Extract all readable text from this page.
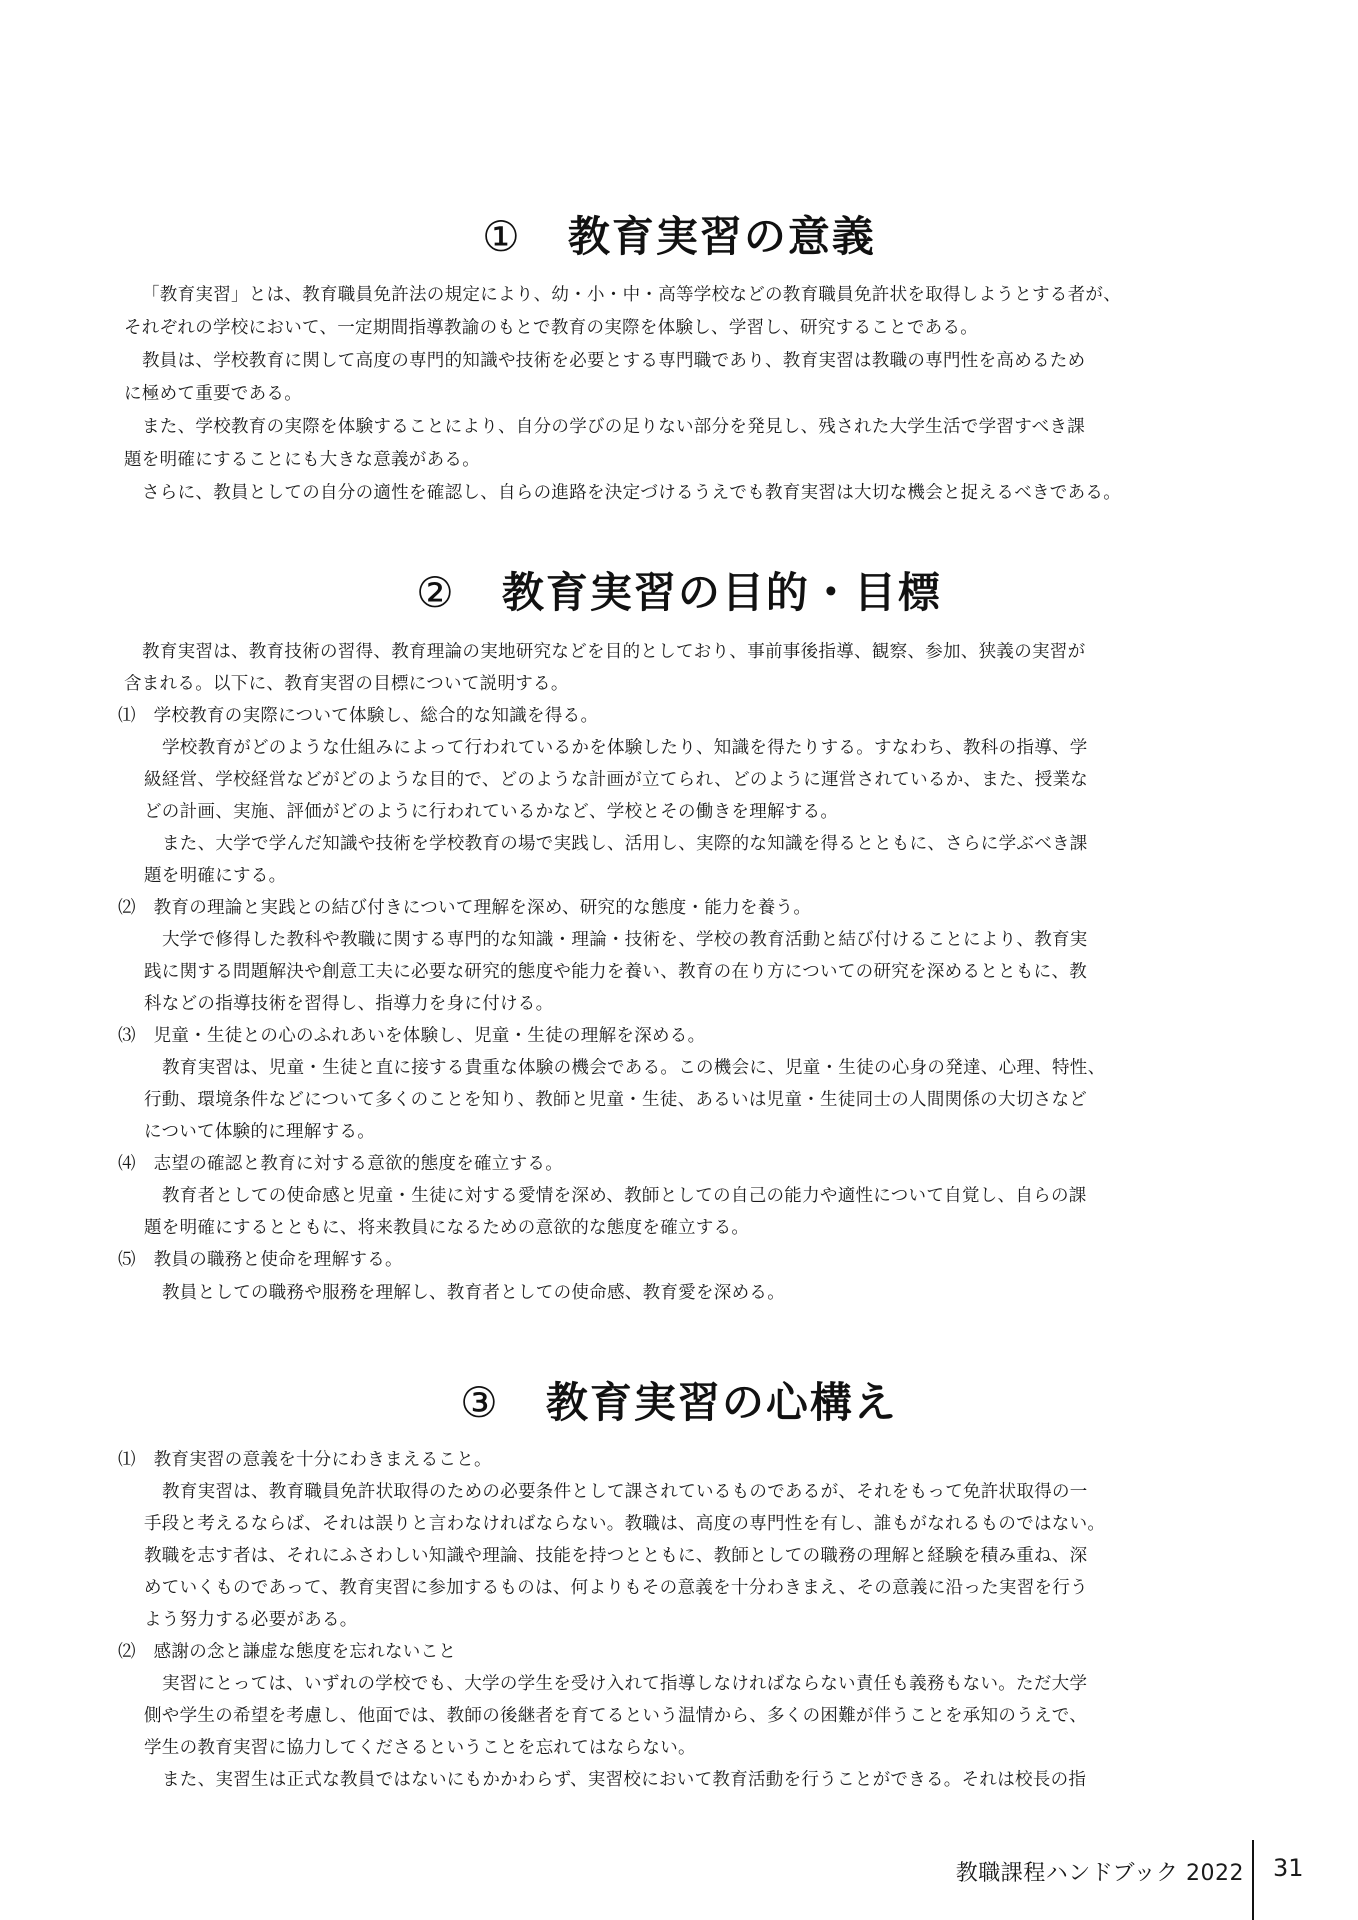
① 教育実習の意義
「教育実習」とは、教育職員免許法の規定により、幼・小・中・高等学校などの教育職員免許状を取得しようとする者が、
それぞれの学校において、一定期間指導教諭のもとで教育の実際を体験し、学習し、研究することである。
教員は、学校教育に関して高度の専門的知識や技術を必要とする専門職であり、教育実習は教職の専門性を高めるため
に極めて重要である。
また、学校教育の実際を体験することにより、自分の学びの足りない部分を発見し、残された大学生活で学習すべき課
題を明確にすることにも大きな意義がある。
さらに、教員としての自分の適性を確認し、自らの進路を決定づけるうえでも教育実習は大切な機会と捉えるべきである。
② 教育実習の目的・目標
教育実習は、教育技術の習得、教育理論の実地研究などを目的としており、事前事後指導、観察、参加、狭義の実習が
含まれる。以下に、教育実習の目標について説明する。
⑴　学校教育の実際について体験し、総合的な知識を得る。
学校教育がどのような仕組みによって行われているかを体験したり、知識を得たりする。すなわち、教科の指導、学
級経営、学校経営などがどのような目的で、どのような計画が立てられ、どのように運営されているか、また、授業な
どの計画、実施、評価がどのように行われているかなど、学校とその働きを理解する。
また、大学で学んだ知識や技術を学校教育の場で実践し、活用し、実際的な知識を得るとともに、さらに学ぶべき課
題を明確にする。
⑵　教育の理論と実践との結び付きについて理解を深め、研究的な態度・能力を養う。
大学で修得した教科や教職に関する専門的な知識・理論・技術を、学校の教育活動と結び付けることにより、教育実
践に関する問題解決や創意工夫に必要な研究的態度や能力を養い、教育の在り方についての研究を深めるとともに、教
科などの指導技術を習得し、指導力を身に付ける。
⑶　児童・生徒との心のふれあいを体験し、児童・生徒の理解を深める。
教育実習は、児童・生徒と直に接する貴重な体験の機会である。この機会に、児童・生徒の心身の発達、心理、特性、
行動、環境条件などについて多くのことを知り、教師と児童・生徒、あるいは児童・生徒同士の人間関係の大切さなど
について体験的に理解する。
⑷　志望の確認と教育に対する意欲的態度を確立する。
教育者としての使命感と児童・生徒に対する愛情を深め、教師としての自己の能力や適性について自覚し、自らの課
題を明確にするとともに、将来教員になるための意欲的な態度を確立する。
⑸　教員の職務と使命を理解する。
教員としての職務や服務を理解し、教育者としての使命感、教育愛を深める。
③ 教育実習の心構え
⑴　教育実習の意義を十分にわきまえること。
教育実習は、教育職員免許状取得のための必要条件として課されているものであるが、それをもって免許状取得の一
手段と考えるならば、それは誤りと言わなければならない。教職は、高度の専門性を有し、誰もがなれるものではない。
教職を志す者は、それにふさわしい知識や理論、技能を持つとともに、教師としての職務の理解と経験を積み重ね、深
めていくものであって、教育実習に参加するものは、何よりもその意義を十分わきまえ、その意義に沿った実習を行う
よう努力する必要がある。
⑵　感謝の念と謙虚な態度を忘れないこと
実習にとっては、いずれの学校でも、大学の学生を受け入れて指導しなければならない責任も義務もない。ただ大学
側や学生の希望を考慮し、他面では、教師の後継者を育てるという温情から、多くの困難が伴うことを承知のうえで、
学生の教育実習に協力してくださるということを忘れてはならない。
また、実習生は正式な教員ではないにもかかわらず、実習校において教育活動を行うことができる。それは校長の指
教職課程ハンドブック 2022 31
